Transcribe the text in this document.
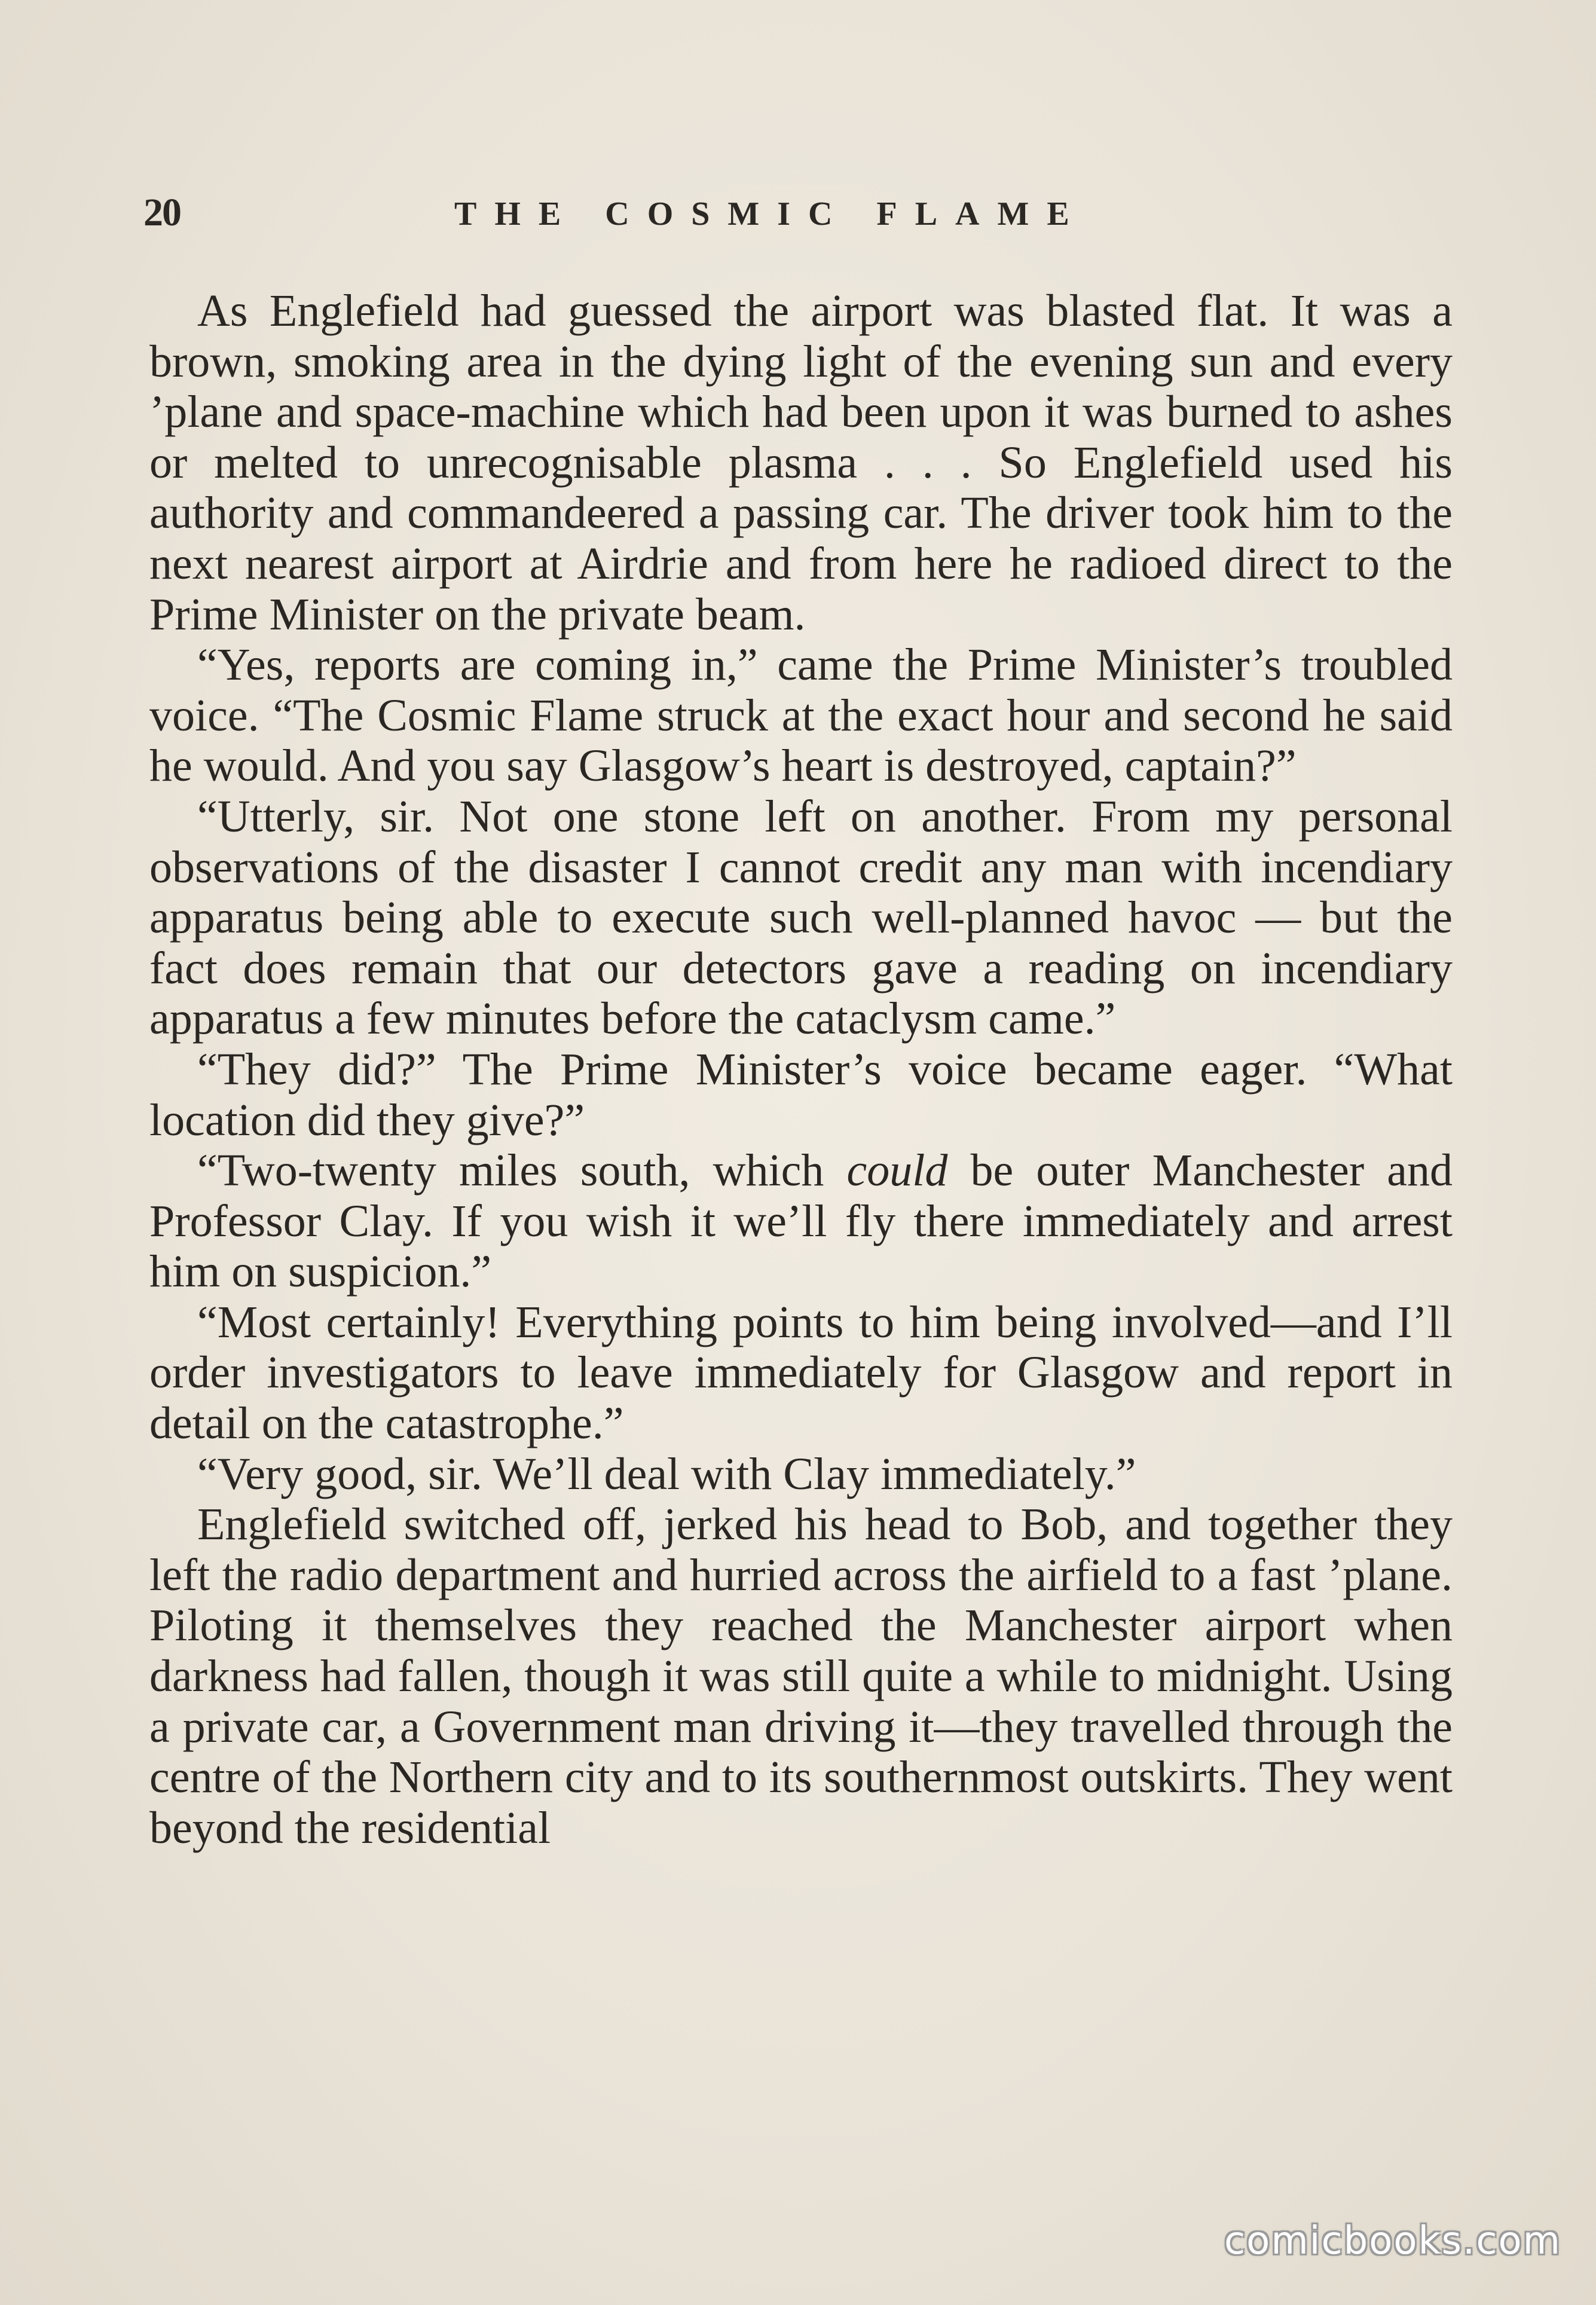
20	THE COSMIC FLAME

As Englefield had guessed the airport was blasted flat. It was a brown, smoking area in the dying light of the evening sun and every ’plane and space-machine which had been upon it was burned to ashes or melted to unrecognisable plasma . . . So Englefield used his authority and commandeered a passing car. The driver took him to the next nearest airport at Airdrie and from here he radioed direct to the Prime Minister on the private beam.

“Yes, reports are coming in,” came the Prime Minister’s troubled voice. “The Cosmic Flame struck at the exact hour and second he said he would. And you say Glasgow’s heart is destroyed, captain?”

“Utterly, sir. Not one stone left on another. From my personal observations of the disaster I cannot credit any man with incendiary apparatus being able to execute such well-planned havoc — but the fact does remain that our detectors gave a reading on incendiary apparatus a few minutes before the cataclysm came.”

“They did?” The Prime Minister’s voice became eager. “What location did they give?”

“Two-twenty miles south, which could be outer Manchester and Professor Clay. If you wish it we’ll fly there immediately and arrest him on suspicion.”

“Most certainly! Everything points to him being involved—and I’ll order investigators to leave immediately for Glasgow and report in detail on the catastrophe.”

“Very good, sir. We’ll deal with Clay immediately.”

Englefield switched off, jerked his head to Bob, and together they left the radio department and hurried across the airfield to a fast ’plane. Piloting it themselves they reached the Manchester airport when darkness had fallen, though it was still quite a while to midnight. Using a private car, a Government man driving it—they travelled through the centre of the Northern city and to its southernmost outskirts. They went beyond the residential

comicbooks.com
